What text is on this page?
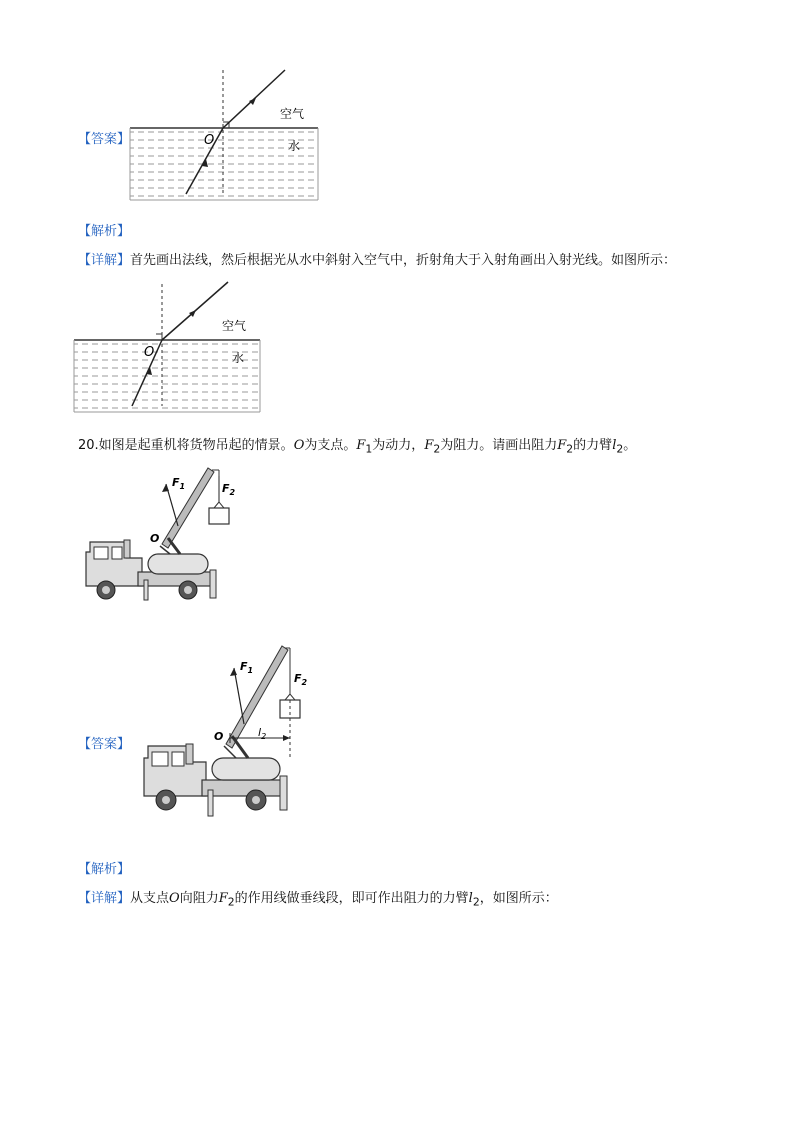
【答案】
空气
水
O
【解析】
【详解】首先画出法线，然后根据光从水中斜射入空气中，折射角大于入射角画出入射光线。如图所示：
空气
水
O
20.如图是起重机将货物吊起的情景。O为支点。$F_1$为动力，$F_2$为阻力。请画出阻力$F_2$的力臂$l_2$。
$F_1$	$F_2$
O
【答案】
$F_1$
$F_2$
O	$l_2$
【解析】
【详解】从支点O向阻力$F_2$的作用线做垂线段，即可作出阻力的力臂$l_2$，如图所示：
